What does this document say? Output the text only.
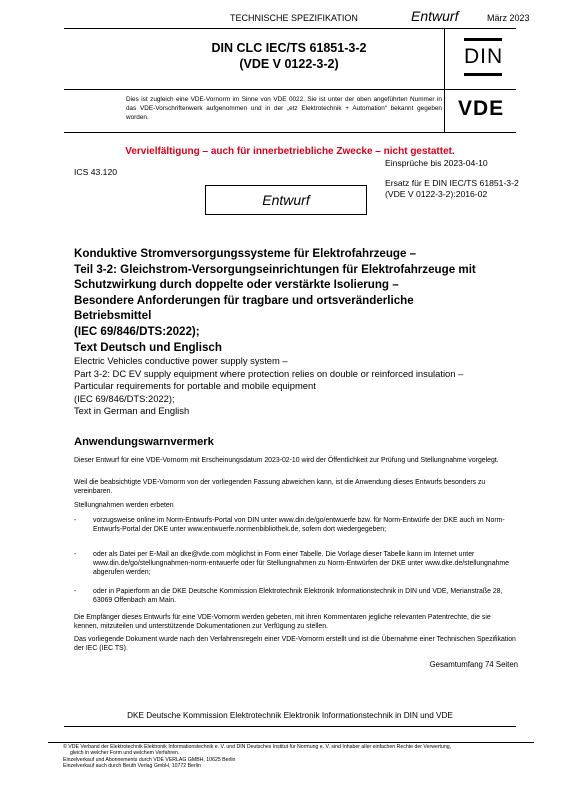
TECHNISCHE SPEZIFIKATION	Entwurf	März 2023
DIN CLC IEC/TS 61851-3-2
(VDE V 0122-3-2)	DIN
Dies ist zugleich eine VDE-Vornorm im Sinne von VDE 0022. Sie ist unter der oben angeführten Nummer in das VDE-Vorschriftenwerk aufgenommen und in der „etz Elektrotechnik + Automation“ bekannt gegeben worden.	VDE
Vervielfältigung – auch für innerbetriebliche Zwecke – nicht gestattet.
Einsprüche bis 2023-04-10
ICS 43.120
Ersatz für E DIN IEC/TS 61851-3-2
(VDE V 0122-3-2):2016-02
Entwurf
Konduktive Stromversorgungssysteme für Elektrofahrzeuge –
Teil 3-2: Gleichstrom-Versorgungseinrichtungen für Elektrofahrzeuge mit
Schutzwirkung durch doppelte oder verstärkte Isolierung –
Besondere Anforderungen für tragbare und ortsveränderliche
Betriebsmittel
(IEC 69/846/DTS:2022);
Text Deutsch und Englisch
Electric Vehicles conductive power supply system –
Part 3-2: DC EV supply equipment where protection relies on double or reinforced insulation –
Particular requirements for portable and mobile equipment
(IEC 69/846/DTS:2022);
Text in German and English
Anwendungswarnvermerk
Dieser Entwurf für eine VDE-Vornorm mit Erscheinungsdatum 2023-02-10 wird der Öffentlichkeit zur Prüfung und Stellungnahme vorgelegt.
Weil die beabsichtigte VDE-Vornorm von der vorliegenden Fassung abweichen kann, ist die Anwendung dieses Entwurfs besonders zu vereinbaren.
Stellungnahmen werden erbeten
- vorzugsweise online im Norm-Entwurfs-Portal von DIN unter www.din.de/go/entwuerfe bzw. für Norm-Entwürfe der DKE auch im Norm-Entwurfs-Portal der DKE unter www.entwuerfe.normenbibliothek.de, sofern dort wiedergegeben;
- oder als Datei per E-Mail an dke@vde.com möglichst in Form einer Tabelle. Die Vorlage dieser Tabelle kann im Internet unter www.din.de/go/stellungnahmen-norm-entwuerfe oder für Stellungnahmen zu Norm-Entwürfen der DKE unter www.dke.de/stellungnahme abgerufen werden;
- oder in Papierform an die DKE Deutsche Kommission Elektrotechnik Elektronik Informationstechnik in DIN und VDE, Merianstraße 28, 63069 Offenbach am Main.
Die Empfänger dieses Entwurfs für eine VDE-Vornorm werden gebeten, mit ihren Kommentaren jegliche relevanten Patentrechte, die sie kennen, mitzuteilen und unterstützende Dokumentationen zur Verfügung zu stellen.
Das vorliegende Dokument wurde nach den Verfahrensregeln einer VDE-Vornorm erstellt und ist die Übernahme einer Technischen Spezifikation der IEC (IEC TS).
Gesamtumfang 74 Seiten
DKE Deutsche Kommission Elektrotechnik Elektronik Informationstechnik in DIN und VDE
© VDE Verband der Elektrotechnik Elektronik Informationstechnik e. V. und DIN Deutsches Institut für Normung e. V. sind Inhaber aller einfachen Rechte der Verwertung,
gleich in welcher Form und welchem Verfahren.
Einzelverkauf und Abonnements durch VDE VERLAG GMBH, 10625 Berlin
Einzelverkauf auch durch Beuth Verlag GmbH, 10772 Berlin
